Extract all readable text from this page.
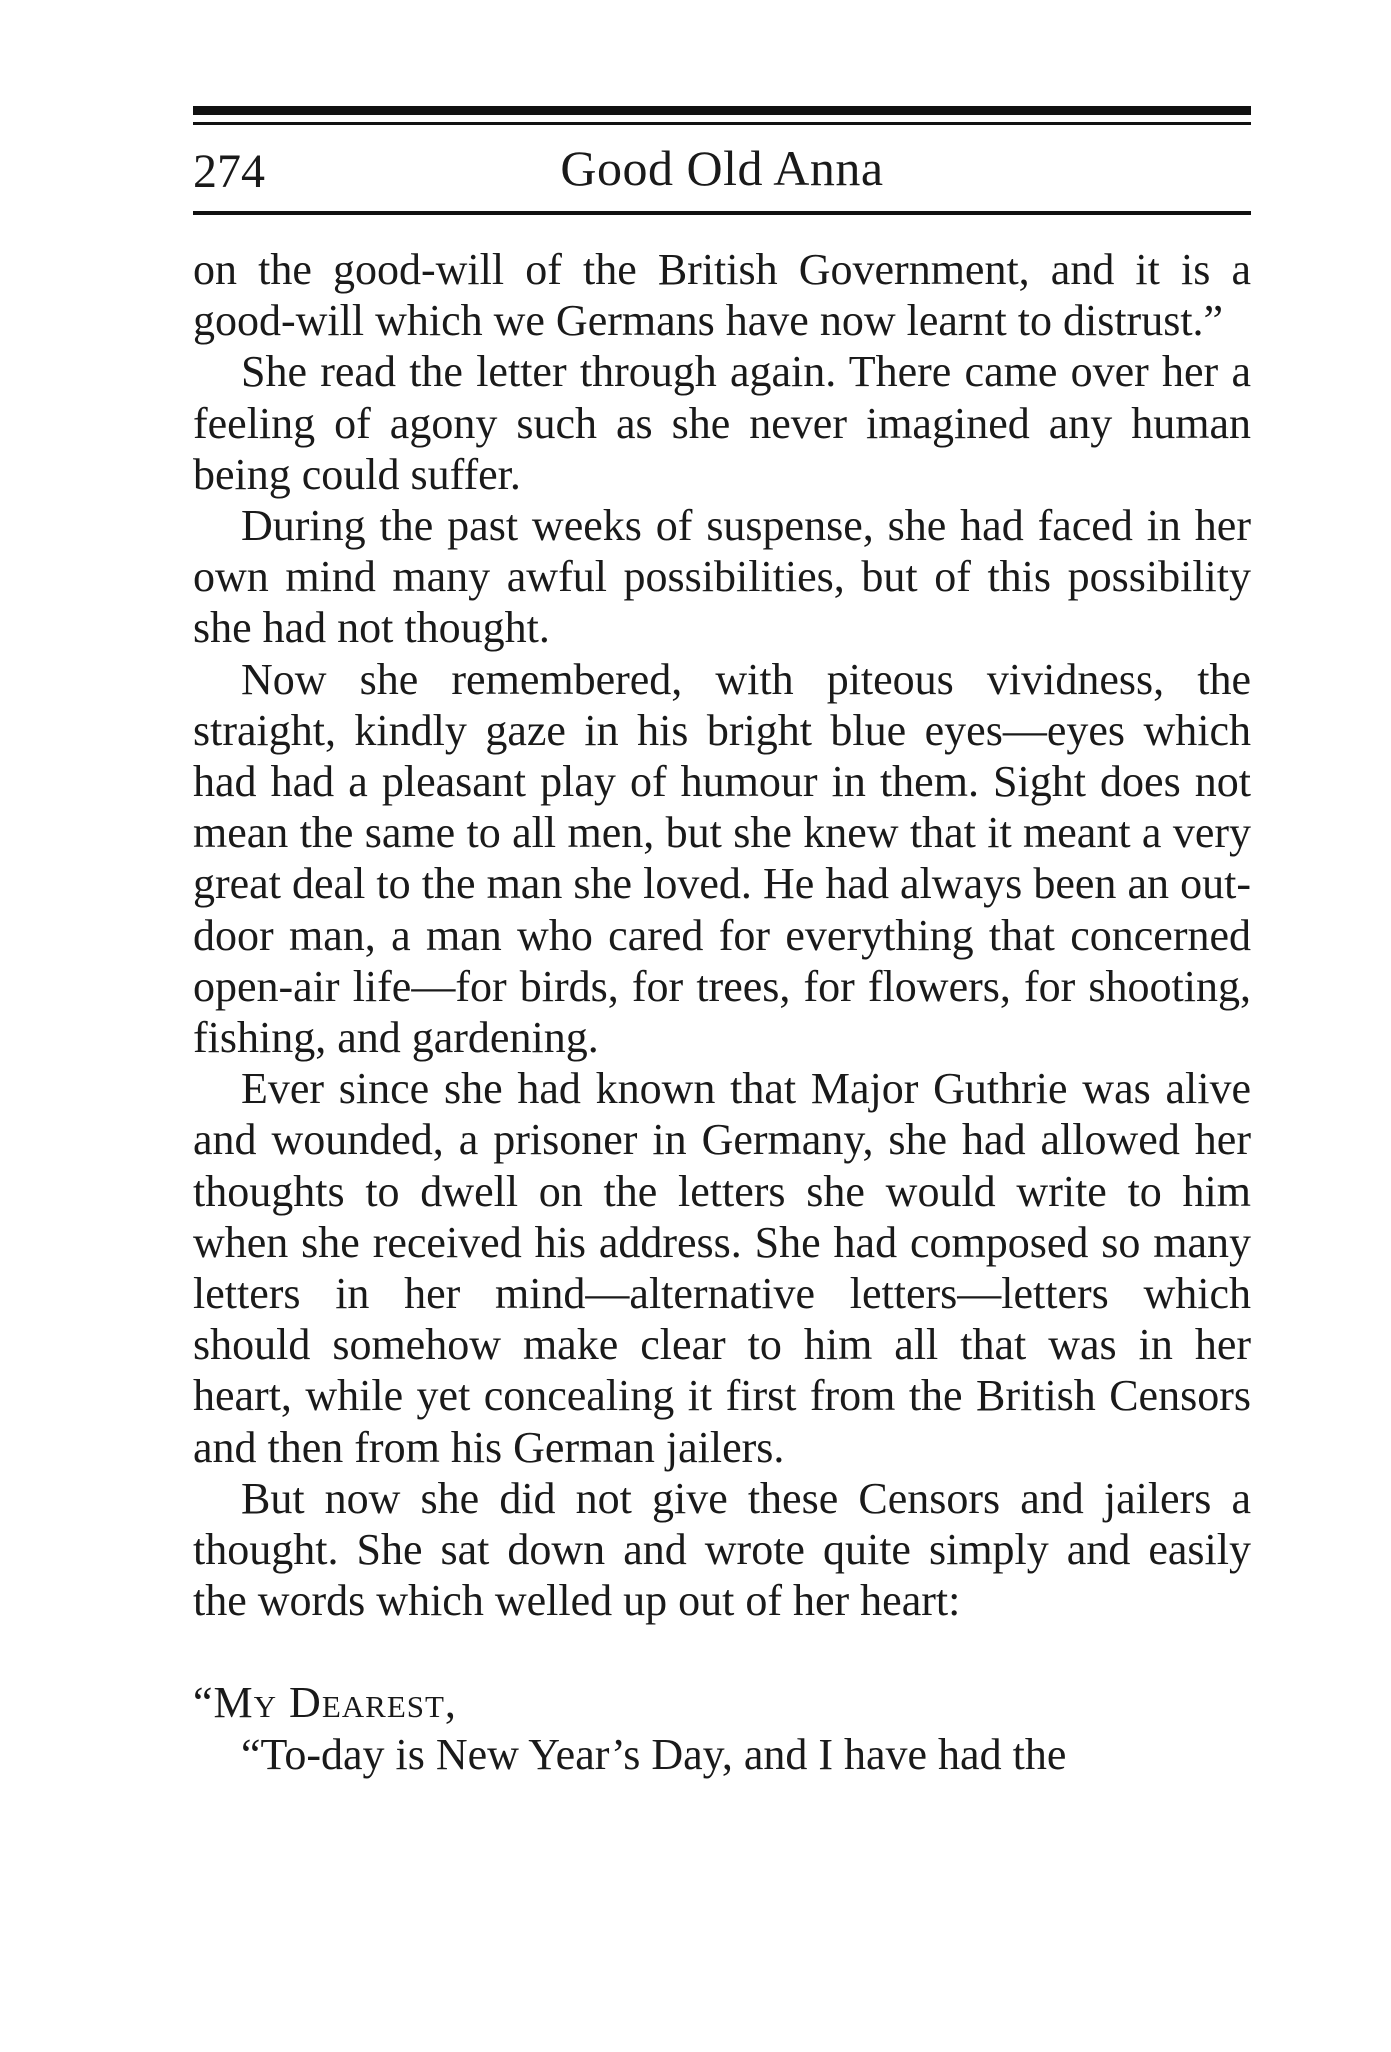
274	Good Old Anna

on the good-will of the British Government, and it is a good-will which we Germans have now learnt to distrust.”

She read the letter through again. There came over her a feeling of agony such as she never imagined any human being could suffer.

During the past weeks of suspense, she had faced in her own mind many awful possibilities, but of this possibility she had not thought.

Now she remembered, with piteous vividness, the straight, kindly gaze in his bright blue eyes—eyes which had had a pleasant play of humour in them. Sight does not mean the same to all men, but she knew that it meant a very great deal to the man she loved. He had always been an out-door man, a man who cared for everything that concerned open-air life—for birds, for trees, for flowers, for shooting, fishing, and gardening.

Ever since she had known that Major Guthrie was alive and wounded, a prisoner in Germany, she had allowed her thoughts to dwell on the letters she would write to him when she received his address. She had composed so many letters in her mind—alternative letters—letters which should somehow make clear to him all that was in her heart, while yet concealing it first from the British Censors and then from his German jailers.

But now she did not give these Censors and jailers a thought. She sat down and wrote quite simply and easily the words which welled up out of her heart:

“My Dearest,

“To-day is New Year’s Day, and I have had the
